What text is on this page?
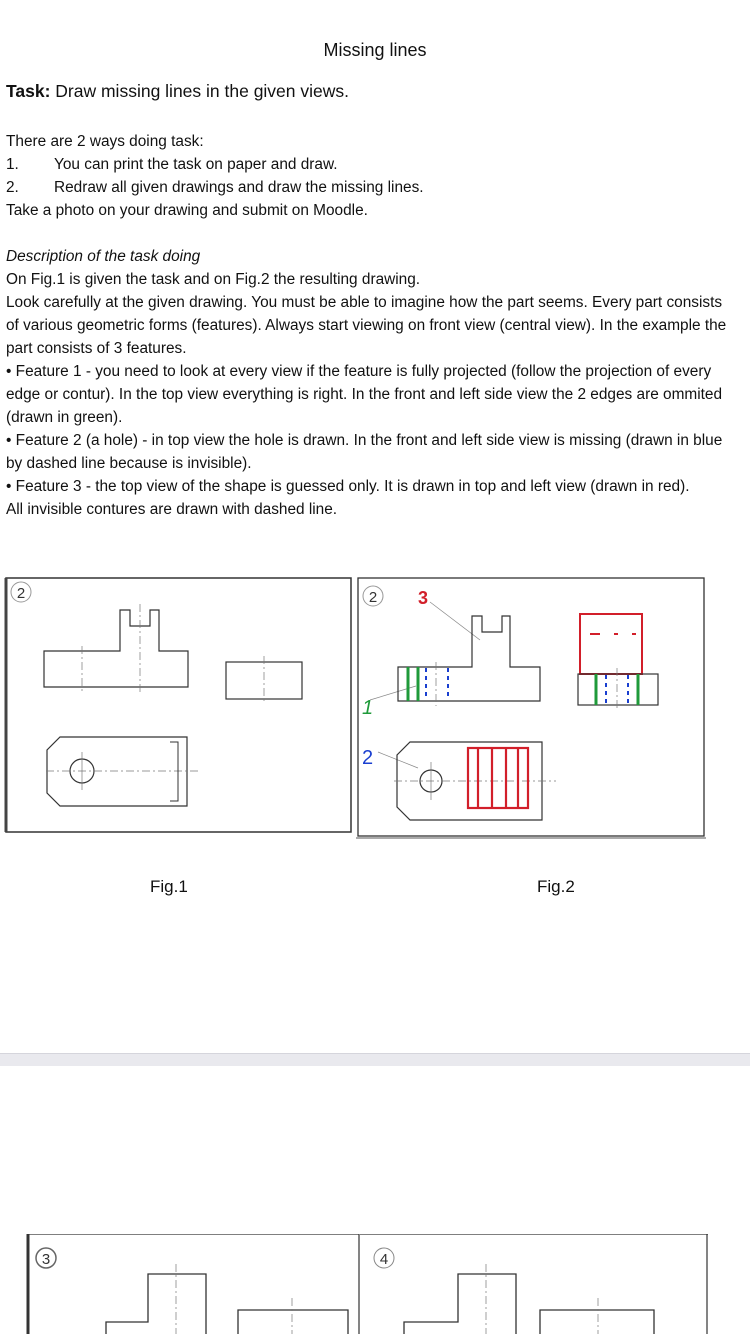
Missing lines

Task: Draw missing lines in the given views.

There are 2 ways doing task:
1.	You can print the task on paper and draw.
2.	Redraw all given drawings and draw the missing lines.
Take a photo on your drawing and submit on Moodle.
Description of the task doing
On Fig.1 is given the task and on Fig.2 the resulting drawing.
Look carefully at the given drawing. You must be able to imagine how the part seems. Every part consists of various geometric forms (features). Always start viewing on front view (central view). In the example the part consists of 3 features.
• Feature 1 - you need to look at every view if the feature is fully projected (follow the projection of every edge or contur). In the top view everything is right. In the front and left side view the 2 edges are ommited (drawn in green).
• Feature 2 (a hole) - in top view the hole is drawn. In the front and left side view is missing (drawn in blue by dashed line because is invisible).
• Feature 3 - the top view of the shape is guessed only. It is drawn in top and left view (drawn in red).
All invisible contures are drawn with dashed line.
2
Fig.1
2 3
1
2
Fig.2
3	4
